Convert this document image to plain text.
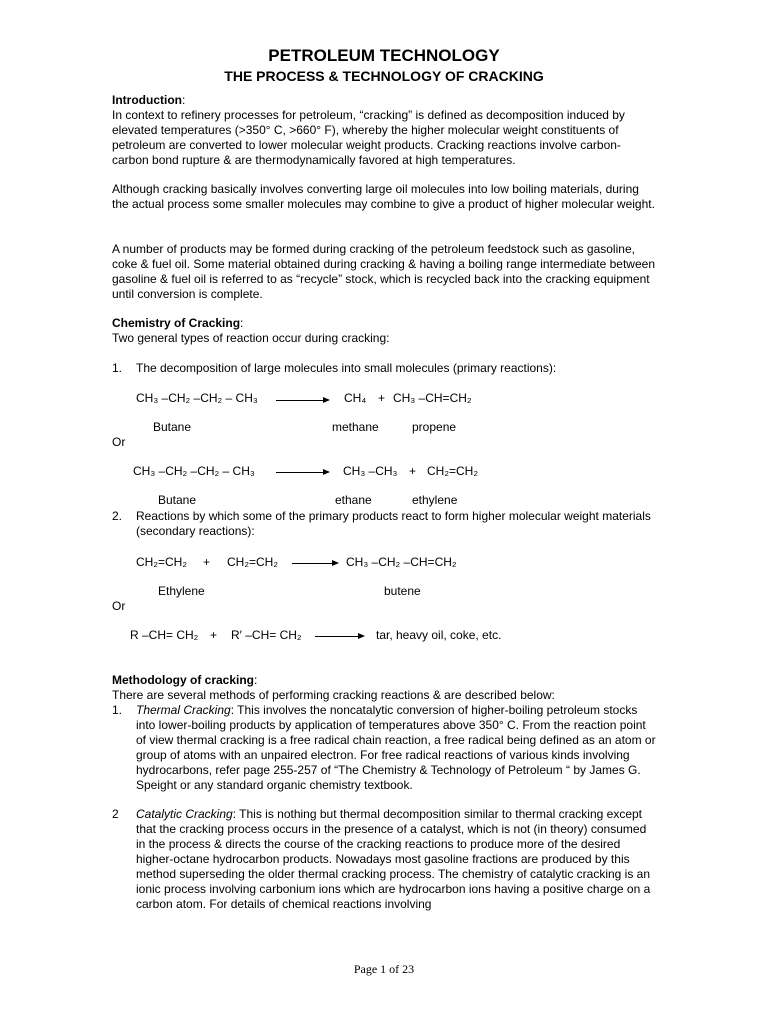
PETROLEUM TECHNOLOGY
THE PROCESS & TECHNOLOGY OF CRACKING
Introduction:
In context to refinery processes for petroleum, “cracking” is defined as decomposition induced by elevated temperatures (>350° C, >660° F), whereby the higher molecular weight constituents of petroleum are converted to lower molecular weight products. Cracking reactions involve carbon-carbon bond rupture & are thermodynamically favored at high temperatures.
Although cracking basically involves converting large oil molecules into low boiling materials, during the actual process some smaller molecules may combine to give a product of higher molecular weight.
A number of products may be formed during cracking of the petroleum feedstock such as gasoline, coke & fuel oil. Some material obtained during cracking & having a boiling range intermediate between gasoline & fuel oil is referred to as “recycle” stock, which is recycled back into the cracking equipment until conversion is complete.
Chemistry of Cracking:
Two general types of reaction occur during cracking:
1. The decomposition of large molecules into small molecules (primary reactions):
CH₃ –CH₂ –CH₂ – CH₃	CH₄ + CH₃ –CH=CH₂
Butane	methane	propene
Or
CH₃ –CH₂ –CH₂ – CH₃	CH₃ –CH₃ + CH₂=CH₂
Butane	ethane	ethylene
2. Reactions by which some of the primary products react to form higher molecular weight materials (secondary reactions):
CH₂=CH₂ + CH₂=CH₂	CH₃ –CH₂ –CH=CH₂
Ethylene	butene
Or
R –CH= CH₂ + R′ –CH= CH₂	tar, heavy oil, coke, etc.
Methodology of cracking:
There are several methods of performing cracking reactions & are described below:
1. Thermal Cracking: This involves the noncatalytic conversion of higher-boiling petroleum stocks into lower-boiling products by application of temperatures above 350° C. From the reaction point of view thermal cracking is a free radical chain reaction, a free radical being defined as an atom or group of atoms with an unpaired electron. For free radical reactions of various kinds involving hydrocarbons, refer page 255-257 of “The Chemistry & Technology of Petroleum “ by James G. Speight or any standard organic chemistry textbook.
2 Catalytic Cracking: This is nothing but thermal decomposition similar to thermal cracking except that the cracking process occurs in the presence of a catalyst, which is not (in theory) consumed in the process & directs the course of the cracking reactions to produce more of the desired higher-octane hydrocarbon products. Nowadays most gasoline fractions are produced by this method superseding the older thermal cracking process. The chemistry of catalytic cracking is an ionic process involving carbonium ions which are hydrocarbon ions having a positive charge on a carbon atom. For details of chemical reactions involving
Page 1 of 23
